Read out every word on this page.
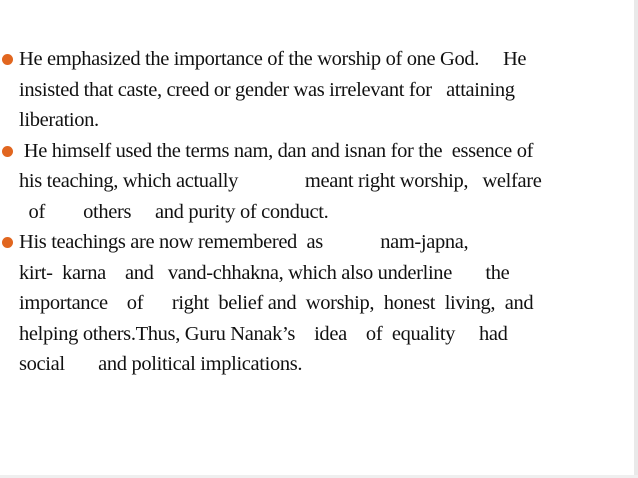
He emphasized the importance of the worship of one God.     He
insisted that caste, creed or gender was irrelevant for   attaining
liberation.
He himself used the terms nam, dan and isnan for the  essence of
his teaching, which actually              meant right worship,   welfare
of        others     and purity of conduct.
His teachings are now remembered  as            nam-japna,
kirt-  karna    and   vand-chhakna, which also underline       the
importance    of      right  belief and  worship,  honest  living,  and
helping others.Thus, Guru Nanak’s    idea    of  equality     had
social       and political implications.
